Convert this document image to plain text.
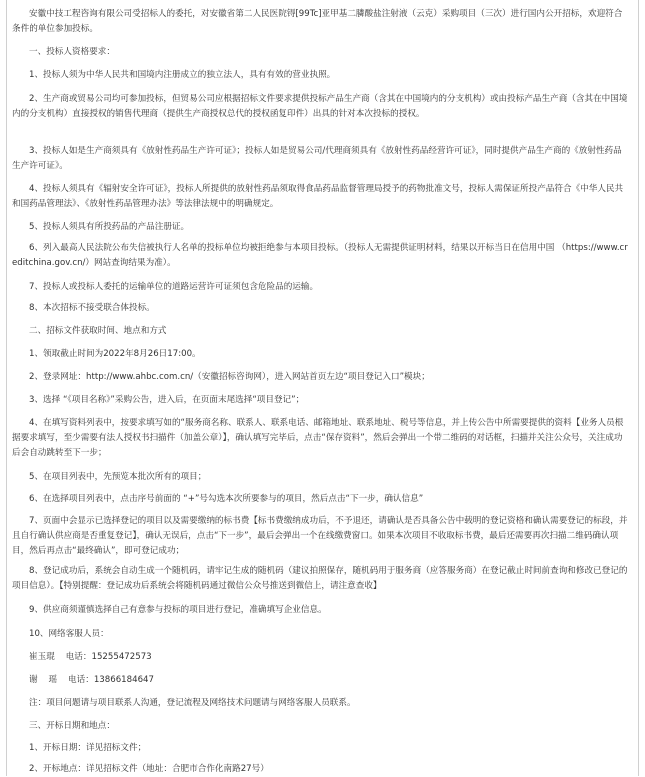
安徽中技工程咨询有限公司受招标人的委托，对安徽省第二人民医院锝[99Tc]亚甲基二膦酸盐注射液（云克）采购项目（三次）进行国内公开招标，欢迎符合条件的单位参加投标。
一、投标人资格要求：
1、投标人须为中华人民共和国境内注册成立的独立法人，具有有效的营业执照。
2、生产商或贸易公司均可参加投标，但贸易公司应根据招标文件要求提供投标产品生产商（含其在中国境内的分支机构）或由投标产品生产商（含其在中国境内的分支机构）直接授权的销售代理商（提供生产商授权总代的授权函复印件）出具的针对本次投标的授权。
3、投标人如是生产商须具有《放射性药品生产许可证》；投标人如是贸易公司/代理商须具有《放射性药品经营许可证》，同时提供产品生产商的《放射性药品生产许可证》。
4、投标人须具有《辐射安全许可证》，投标人所提供的放射性药品须取得食品药品监督管理局授予的药物批准文号，投标人需保证所投产品符合《中华人民共和国药品管理法》、《放射性药品管理办法》等法律法规中的明确规定。
5、投标人须具有所投药品的产品注册证。
6、列入最高人民法院公布失信被执行人名单的投标单位均被拒绝参与本项目投标。（投标人无需提供证明材料，结果以开标当日在信用中国 （https://www.creditchina.gov.cn/）网站查询结果为准）。
7、投标人或投标人委托的运输单位的道路运营许可证须包含危险品的运输。
8、本次招标不接受联合体投标。
二、招标文件获取时间、地点和方式
1、领取截止时间为2022年8月26日17:00。
2、登录网址：http://www.ahbc.com.cn/（安徽招标咨询网），进入网站首页左边“项目登记入口”模块；
3、选择 “《项目名称》”采购公告，进入后，在页面末尾选择“项目登记”；
4、在填写资料列表中，按要求填写如的“服务商名称、联系人、联系电话、邮箱地址、联系地址、税号等信息，并上传公告中所需要提供的资料【业务人员根据要求填写，至少需要有法人授权书扫描件（加盖公章）】，确认填写完毕后，点击“保存资料”，然后会弹出一个带二维码的对话框，扫描并关注公众号，关注成功后会自动跳转至下一步；
5、在项目列表中，先预览本批次所有的项目；
6、在选择项目列表中，点击序号前面的 “+”号勾选本次所要参与的项目，然后点击“下一步，确认信息”
7、页面中会显示已选择登记的项目以及需要缴纳的标书费【标书费缴纳成功后，不予退还，请确认是否具备公告中载明的登记资格和确认需要登记的标段，并且自行确认供应商是否重复登记】，确认无误后，点击“下一步”，最后会弹出一个在线缴费窗口。如果本次项目不收取标书费，最后还需要再次扫描二维码确认项目，然后再点击“最终确认”，即可登记成功；
8、登记成功后，系统会自动生成一个随机码，请牢记生成的随机码（建议拍照保存，随机码用于服务商（应答服务商）在登记截止时间前查询和修改已登记的项目信息）。【特别提醒：登记成功后系统会将随机码通过微信公众号推送到微信上，请注意查收】
9、供应商须谨慎选择自己有意参与投标的项目进行登记，准确填写企业信息。
10、网络客服人员：
崔玉琨    电话：15255472573
谢    瑶    电话：13866184647
注：项目问题请与项目联系人沟通，登记流程及网络技术问题请与网络客服人员联系。
三、开标日期和地点：
1、开标日期：详见招标文件；
2、开标地点：详见招标文件（地址：合肥市合作化南路27号）
